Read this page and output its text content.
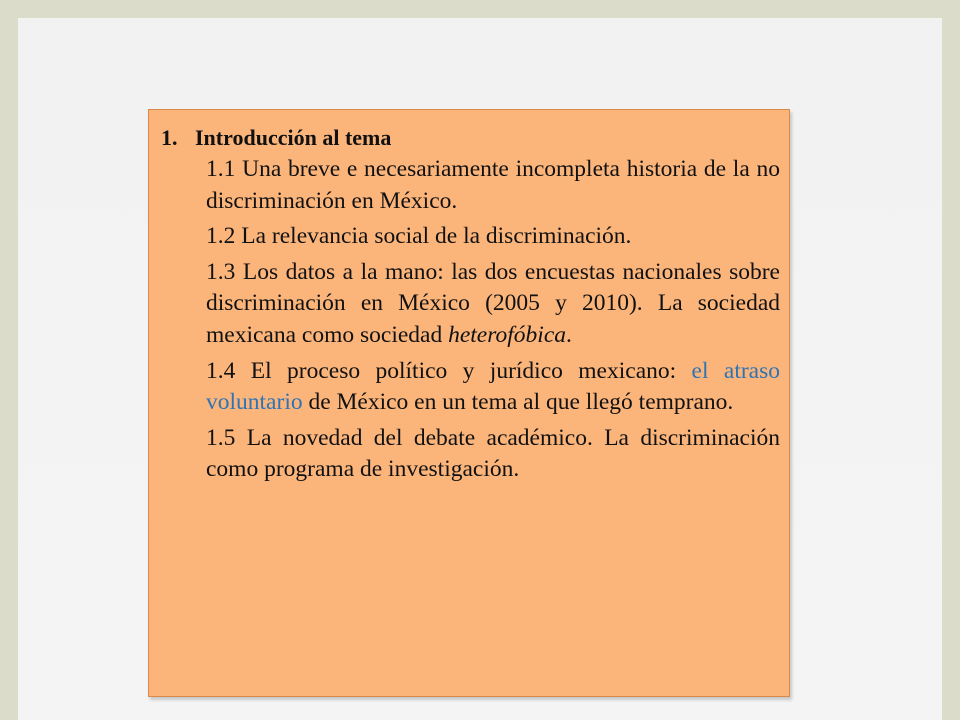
1. Introducción al tema
1.1 Una breve e necesariamente incompleta historia de la no discriminación en México.
1.2 La relevancia social de la discriminación.
1.3 Los datos a la mano: las dos encuestas nacionales sobre discriminación en México (2005 y 2010). La sociedad mexicana como sociedad heterofóbica.
1.4 El proceso político y jurídico mexicano: el atraso voluntario de México en un tema al que llegó temprano.
1.5 La novedad del debate académico. La discriminación como programa de investigación.
